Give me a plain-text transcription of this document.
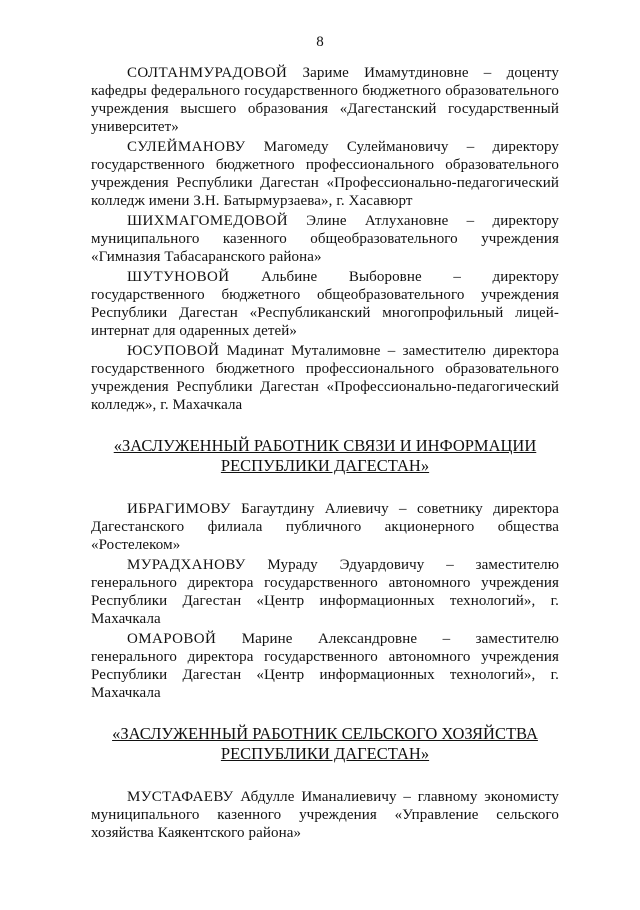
8

СОЛТАНМУРАДОВОЙ Зариме Имамутдиновне – доценту кафедры федерального государственного бюджетного образовательного учреждения высшего образования «Дагестанский государственный университет»

СУЛЕЙМАНОВУ Магомеду Сулеймановичу – директору государственного бюджетного профессионального образовательного учреждения Республики Дагестан «Профессионально-педагогический колледж имени З.Н. Батырмурзаева», г. Хасавюрт

ШИХМАГОМЕДОВОЙ Элине Атлухановне – директору муниципального казенного общеобразовательного учреждения «Гимназия Табасаранского района»

ШУТУНОВОЙ Альбине Выборовне – директору государственного бюджетного общеобразовательного учреждения Республики Дагестан «Республиканский многопрофильный лицей-интернат для одаренных детей»

ЮСУПОВОЙ Мадинат Муталимовне – заместителю директора государственного бюджетного профессионального образовательного учреждения Республики Дагестан «Профессионально-педагогический колледж», г. Махачкала

«ЗАСЛУЖЕННЫЙ РАБОТНИК СВЯЗИ И ИНФОРМАЦИИ
РЕСПУБЛИКИ ДАГЕСТАН»

ИБРАГИМОВУ Багаутдину Алиевичу – советнику директора Дагестанского филиала публичного акционерного общества «Ростелеком»

МУРАДХАНОВУ Мураду Эдуардовичу – заместителю генерального директора государственного автономного учреждения Республики Дагестан «Центр информационных технологий», г. Махачкала

ОМАРОВОЙ Марине Александровне – заместителю генерального директора государственного автономного учреждения Республики Дагестан «Центр информационных технологий», г. Махачкала

«ЗАСЛУЖЕННЫЙ РАБОТНИК СЕЛЬСКОГО ХОЗЯЙСТВА
РЕСПУБЛИКИ ДАГЕСТАН»

МУСТАФАЕВУ Абдулле Иманалиевичу – главному экономисту муниципального казенного учреждения «Управление сельского хозяйства Каякентского района»
